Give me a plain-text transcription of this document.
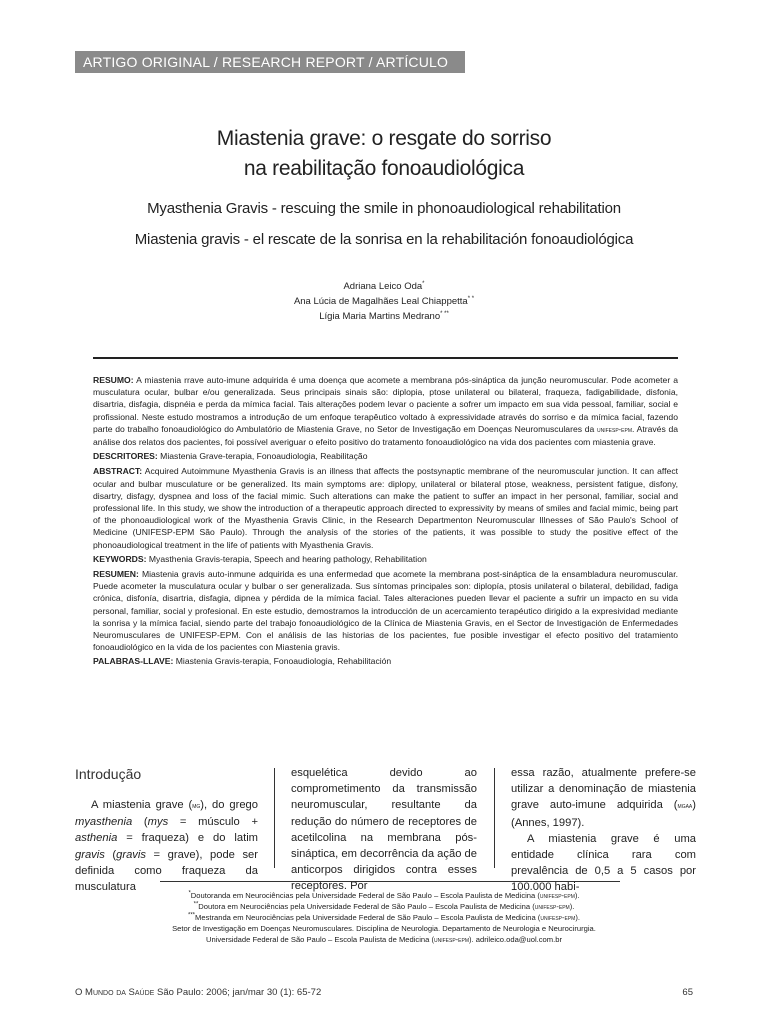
ARTIGO ORIGINAL / RESEARCH REPORT / ARTÍCULO
Miastenia grave: o resgate do sorriso
na reabilitação fonoaudiológica
Myasthenia Gravis - rescuing the smile in phonoaudiological rehabilitation
Miastenia gravis - el rescate de la sonrisa en la rehabilitación fonoaudiológica
Adriana Leico Oda*
Ana Lúcia de Magalhães Leal Chiappetta* *
Lígia Maria Martins Medrano* **

RESUMO: A miastenia rrave auto-imune adquirida é uma doença que acomete a membrana pós-sináptica da junção neuromuscular. Pode acometer a musculatura ocular, bulbar e/ou generalizada. Seus principais sinais são: diplopia, ptose unilateral ou bilateral, fraqueza, fadigabilidade, disfonia, disartria, disfagia, dispnéia e perda da mímica facial. Tais alterações podem levar o paciente a sofrer um impacto em sua vida pessoal, familiar, social e profissional. Neste estudo mostramos a introdução de um enfoque terapêutico voltado à expressividade através do sorriso e da mímica facial, fazendo parte do trabalho fonoaudiológico do Ambulatório de Miastenia Grave, no Setor de Investigação em Doenças Neuromusculares da unifesp-epm. Através da análise dos relatos dos pacientes, foi possível averiguar o efeito positivo do tratamento fonoaudiológico na vida dos pacientes com miastenia grave.

DESCRITORES: Miastenia Grave-terapia, Fonoaudiologia, Reabilitação

ABSTRACT: Acquired Autoimmune Myasthenia Gravis is an illness that affects the postsynaptic membrane of the neuromuscular junction. It can affect ocular and bulbar musculature or be generalized. Its main symptoms are: diplopy, unilateral or bilateral ptose, weakness, persistent fatigue, disfony, disartry, disfagy, dyspnea and loss of the facial mimic. Such alterations can make the patient to suffer an impact in her personal, familiar, social and professional life. In this study, we show the introduction of a therapeutic approach directed to expressivity by means of smiles and facial mimic, being part of the phonoaudiological work of the Myasthenia Gravis Clinic, in the Research Departmenton Neuromuscular Illnesses of São Paulo's School of Medicine (UNIFESP-EPM São Paulo). Through the analysis of the stories of the patients, it was possible to study the positive effect of the phonoaudiological treatment in the life of patients with Myasthenia Gravis.

KEYWORDS: Myasthenia Gravis-terapia, Speech and hearing pathology, Rehabilitation

RESUMEN: Miastenia gravis auto-inmune adquirida es una enfermedad que acomete la membrana post-sináptica de la ensambladura neuromuscular. Puede acometer la musculatura ocular y bulbar o ser generalizada. Sus síntomas principales son: diplopía, ptosis unilateral o bilateral, debilidad, fadiga crónica, disfonía, disartria, disfagia, dipnea y pérdida de la mímica facial. Tales alteraciones pueden llevar el paciente a sufrir un impacto en su vida personal, familiar, social y profesional. En este estudio, demostramos la introducción de un acercamiento terapéutico dirigido a la expresividad mediante la sonrisa y la mímica facial, siendo parte del trabajo fonoaudiológico de la Clínica de Miastenia Gravis, en el Sector de Investigación de Enfermedades Neuromusculares de UNIFESP-EPM. Con el análisis de las historias de los pacientes, fue posible investigar el efecto positivo del tratamiento fonoaudiológico en la vida de los pacientes con Miastenia gravis.

PALABRAS-LLAVE: Miastenia Gravis-terapia, Fonoaudiologia, Rehabilitación

Introdução

A miastenia grave (mg), do grego myasthenia (mys = músculo + asthenia = fraqueza) e do latim gravis (gravis = grave), pode ser definida como fraqueza da musculatura

esquelética devido ao comprometimento da transmissão neuromuscular, resultante da redução do número de receptores de acetilcolina na membrana pós-sináptica, em decorrência da ação de anticorpos dirigidos contra esses receptores. Por

essa razão, atualmente prefere-se utilizar a denominação de miastenia grave auto-imune adquirida (mgaa) (Annes, 1997).

A miastenia grave é uma entidade clínica rara com prevalência de 0,5 a 5 casos por 100.000 habi-

*Doutoranda em Neurociências pela Universidade Federal de São Paulo – Escola Paulista de Medicina (unifesp-epm).
**Doutora em Neurociências pela Universidade Federal de São Paulo – Escola Paulista de Medicina (unifesp-epm).
***Mestranda em Neurociências pela Universidade Federal de São Paulo – Escola Paulista de Medicina (unifesp-epm).
Setor de Investigação em Doenças Neuromusculares. Disciplina de Neurologia. Departamento de Neurologia e Neurocirurgia.
Universidade Federal de São Paulo – Escola Paulista de Medicina (unifesp-epm). adrileico.oda@uol.com.br
O Mundo da Saúde São Paulo: 2006; jan/mar 30 (1): 65-72	65
